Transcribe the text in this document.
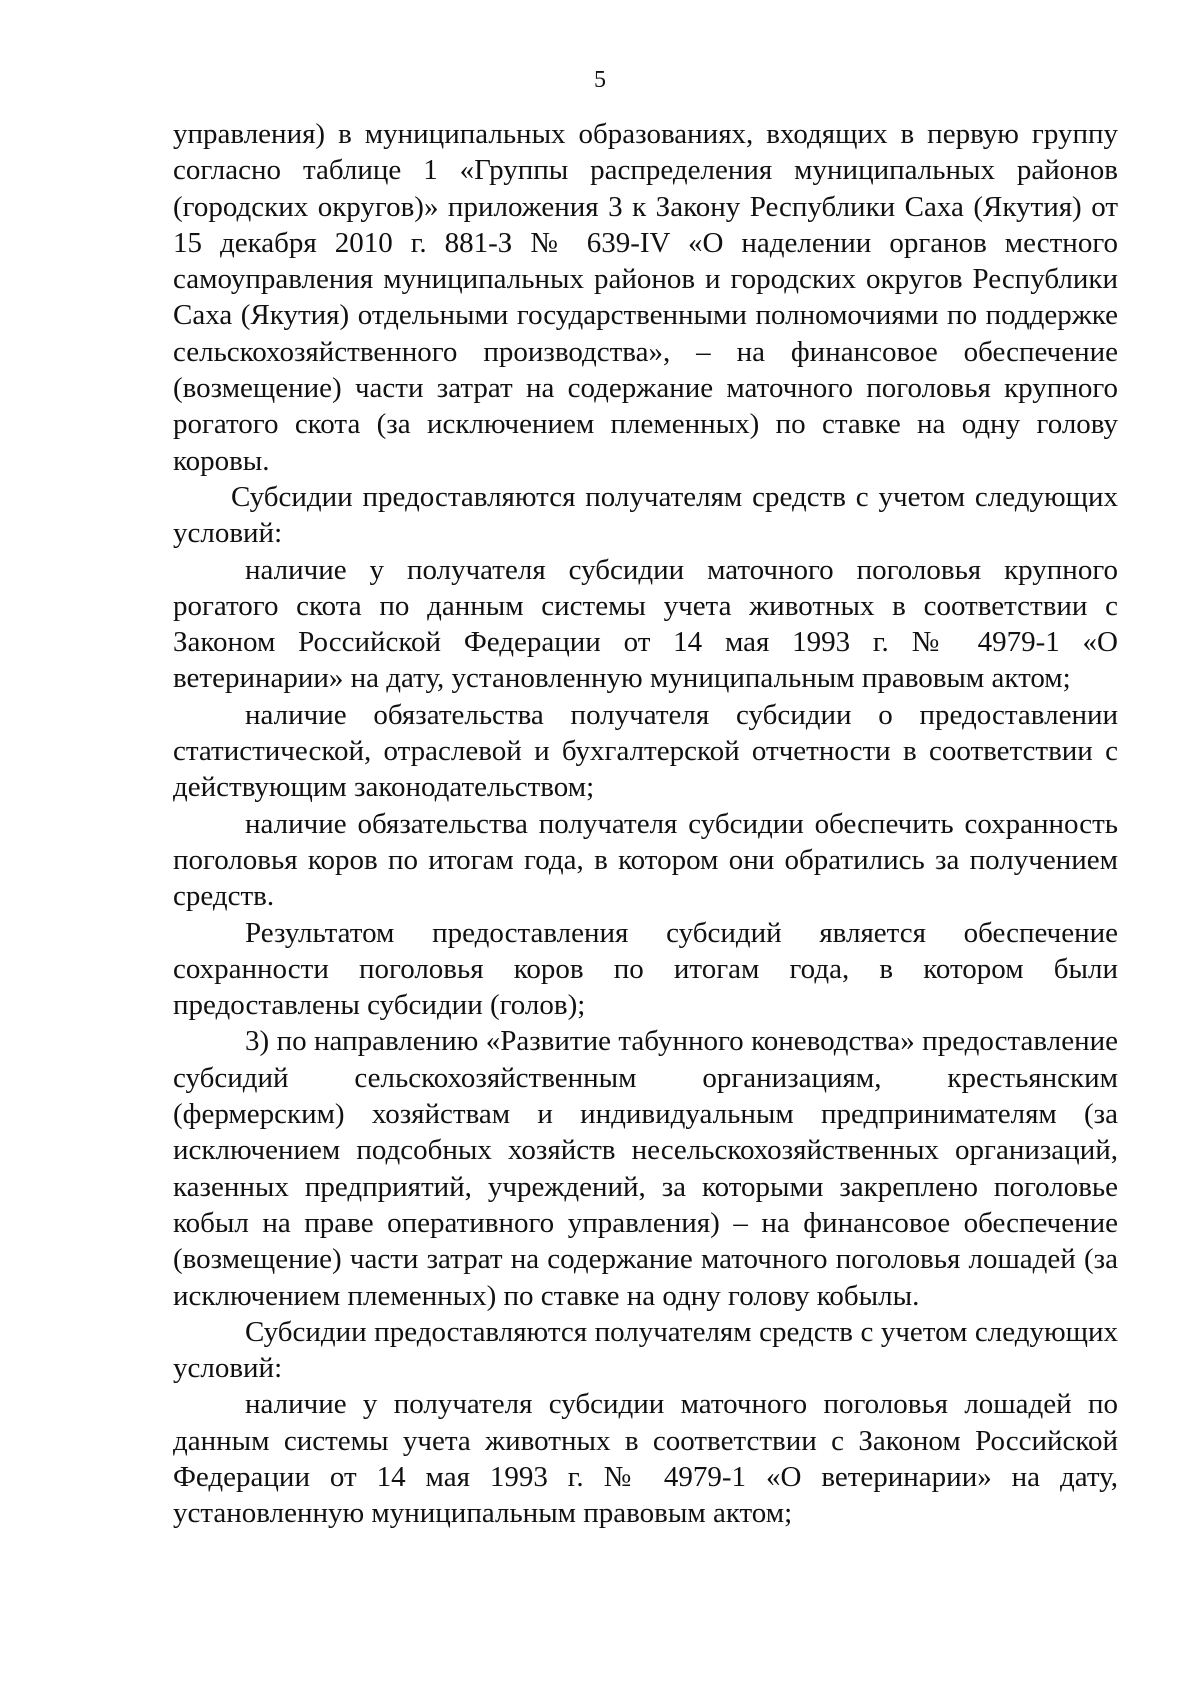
5

управления) в муниципальных образованиях, входящих в первую группу согласно таблице 1 «Группы распределения муниципальных районов (городских округов)» приложения 3 к Закону Республики Саха (Якутия) от 15 декабря 2010 г. 881-З № 639-IV «О наделении органов местного самоуправления муниципальных районов и городских округов Республики Саха (Якутия) отдельными государственными полномочиями по поддержке сельскохозяйственного производства», – на финансовое обеспечение (возмещение) части затрат на содержание маточного поголовья крупного рогатого скота (за исключением племенных) по ставке на одну голову коровы.

Субсидии предоставляются получателям средств с учетом следующих условий:

наличие у получателя субсидии маточного поголовья крупного рогатого скота по данным системы учета животных в соответствии с Законом Российской Федерации от 14 мая 1993 г. № 4979-1 «О ветеринарии» на дату, установленную муниципальным правовым актом;

наличие обязательства получателя субсидии о предоставлении статистической, отраслевой и бухгалтерской отчетности в соответствии с действующим законодательством;

наличие обязательства получателя субсидии обеспечить сохранность поголовья коров по итогам года, в котором они обратились за получением средств.

Результатом предоставления субсидий является обеспечение сохранности поголовья коров по итогам года, в котором были предоставлены субсидии (голов);

3) по направлению «Развитие табунного коневодства» предоставление субсидий сельскохозяйственным организациям, крестьянским (фермерским) хозяйствам и индивидуальным предпринимателям (за исключением подсобных хозяйств несельскохозяйственных организаций, казенных предприятий, учреждений, за которыми закреплено поголовье кобыл на праве оперативного управления) – на финансовое обеспечение (возмещение) части затрат на содержание маточного поголовья лошадей (за исключением племенных) по ставке на одну голову кобылы.

Субсидии предоставляются получателям средств с учетом следующих условий:

наличие у получателя субсидии маточного поголовья лошадей по данным системы учета животных в соответствии с Законом Российской Федерации от 14 мая 1993 г. № 4979-1 «О ветеринарии» на дату, установленную муниципальным правовым актом;
